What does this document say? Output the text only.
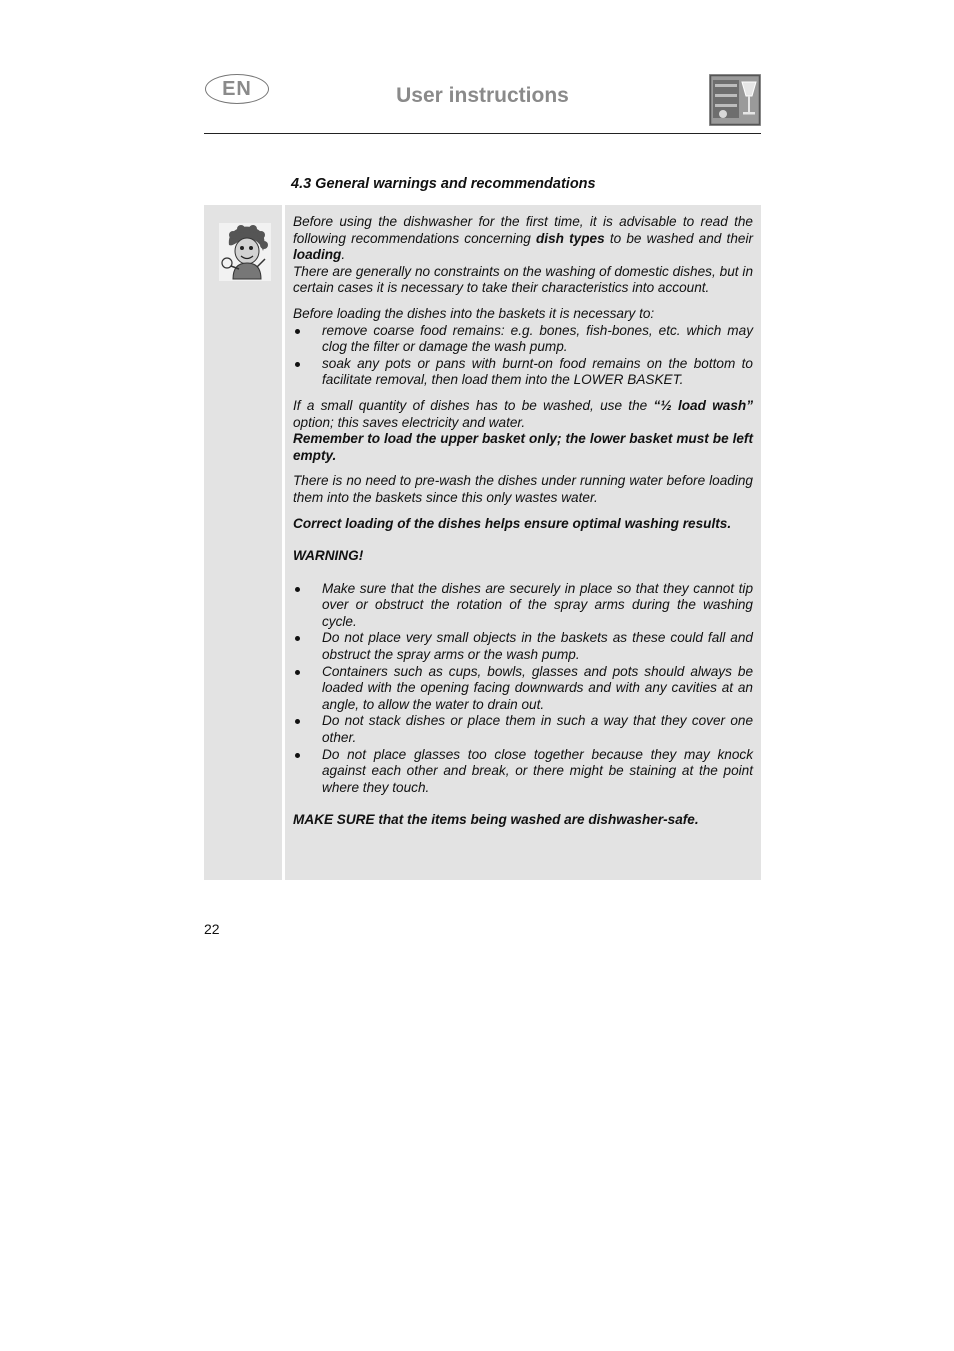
EN	User instructions
4.3 General warnings and recommendations

Before using the dishwasher for the first time, it is advisable to read the following recommendations concerning dish types to be washed and their loading.

There are generally no constraints on the washing of domestic dishes, but in certain cases it is necessary to take their characteristics into account.

Before loading the dishes into the baskets it is necessary to:

remove coarse food remains: e.g. bones, fish-bones, etc. which may clog the filter or damage the wash pump.
soak any pots or pans with burnt-on food remains on the bottom to facilitate removal, then load them into the LOWER BASKET.

If a small quantity of dishes has to be washed, use the “½ load wash” option; this saves electricity and water.

Remember to load the upper basket only; the lower basket must be left empty.

There is no need to pre-wash the dishes under running water before loading them into the baskets since this only wastes water.

Correct loading of the dishes helps ensure optimal washing results.

WARNING!

Make sure that the dishes are securely in place so that they cannot tip over or obstruct the rotation of the spray arms during the washing cycle.
Do not place very small objects in the baskets as these could fall and obstruct the spray arms or the wash pump.
Containers such as cups, bowls, glasses and pots should always be loaded with the opening facing downwards and with any cavities at an angle, to allow the water to drain out.
Do not stack dishes or place them in such a way that they cover one other.
Do not place glasses too close together because they may knock against each other and break, or there might be staining at the point where they touch.

MAKE SURE that the items being washed are dishwasher-safe.

22
